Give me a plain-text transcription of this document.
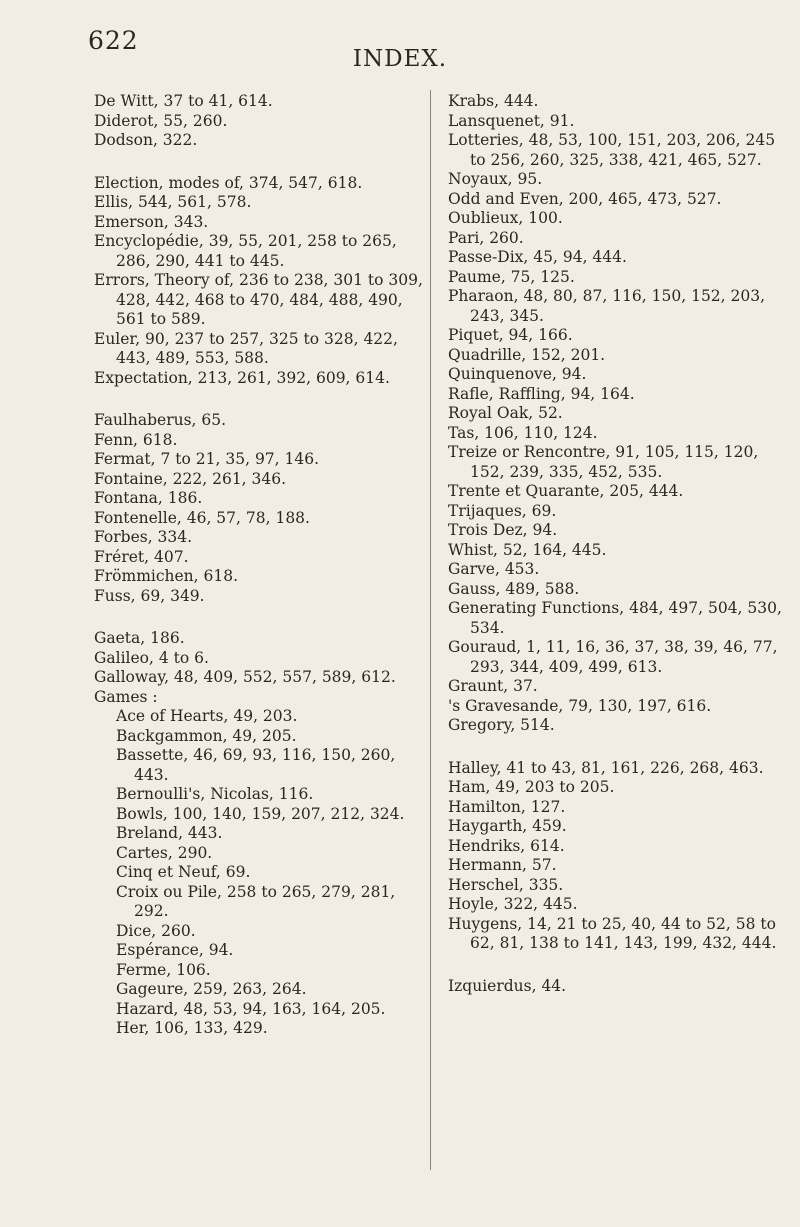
622
INDEX.
De Witt, 37 to 41, 614.
Diderot, 55, 260.
Dodson, 322.
Election, modes of, 374, 547, 618.
Ellis, 544, 561, 578.
Emerson, 343.
Encyclopédie, 39, 55, 201, 258 to 265, 286, 290, 441 to 445.
Errors, Theory of, 236 to 238, 301 to 309, 428, 442, 468 to 470, 484, 488, 490, 561 to 589.
Euler, 90, 237 to 257, 325 to 328, 422, 443, 489, 553, 588.
Expectation, 213, 261, 392, 609, 614.
Faulhaberus, 65.
Fenn, 618.
Fermat, 7 to 21, 35, 97, 146.
Fontaine, 222, 261, 346.
Fontana, 186.
Fontenelle, 46, 57, 78, 188.
Forbes, 334.
Fréret, 407.
Frömmichen, 618.
Fuss, 69, 349.
Gaeta, 186.
Galileo, 4 to 6.
Galloway, 48, 409, 552, 557, 589, 612.
Games :
Ace of Hearts, 49, 203.
Backgammon, 49, 205.
Bassette, 46, 69, 93, 116, 150, 260, 443.
Bernoulli's, Nicolas, 116.
Bowls, 100, 140, 159, 207, 212, 324.
Breland, 443.
Cartes, 290.
Cinq et Neuf, 69.
Croix ou Pile, 258 to 265, 279, 281, 292.
Dice, 260.
Espérance, 94.
Ferme, 106.
Gageure, 259, 263, 264.
Hazard, 48, 53, 94, 163, 164, 205.
Her, 106, 133, 429.
Krabs, 444.
Lansquenet, 91.
Lotteries, 48, 53, 100, 151, 203, 206, 245 to 256, 260, 325, 338, 421, 465, 527.
Noyaux, 95.
Odd and Even, 200, 465, 473, 527.
Oublieux, 100.
Pari, 260.
Passe-Dix, 45, 94, 444.
Paume, 75, 125.
Pharaon, 48, 80, 87, 116, 150, 152, 203, 243, 345.
Piquet, 94, 166.
Quadrille, 152, 201.
Quinquenove, 94.
Rafle, Raffling, 94, 164.
Royal Oak, 52.
Tas, 106, 110, 124.
Treize or Rencontre, 91, 105, 115, 120, 152, 239, 335, 452, 535.
Trente et Quarante, 205, 444.
Trijaques, 69.
Trois Dez, 94.
Whist, 52, 164, 445.
Garve, 453.
Gauss, 489, 588.
Generating Functions, 484, 497, 504, 530, 534.
Gouraud, 1, 11, 16, 36, 37, 38, 39, 46, 77, 293, 344, 409, 499, 613.
Graunt, 37.
's Gravesande, 79, 130, 197, 616.
Gregory, 514.
Halley, 41 to 43, 81, 161, 226, 268, 463.
Ham, 49, 203 to 205.
Hamilton, 127.
Haygarth, 459.
Hendriks, 614.
Hermann, 57.
Herschel, 335.
Hoyle, 322, 445.
Huygens, 14, 21 to 25, 40, 44 to 52, 58 to 62, 81, 138 to 141, 143, 199, 432, 444.
Izquierdus, 44.
